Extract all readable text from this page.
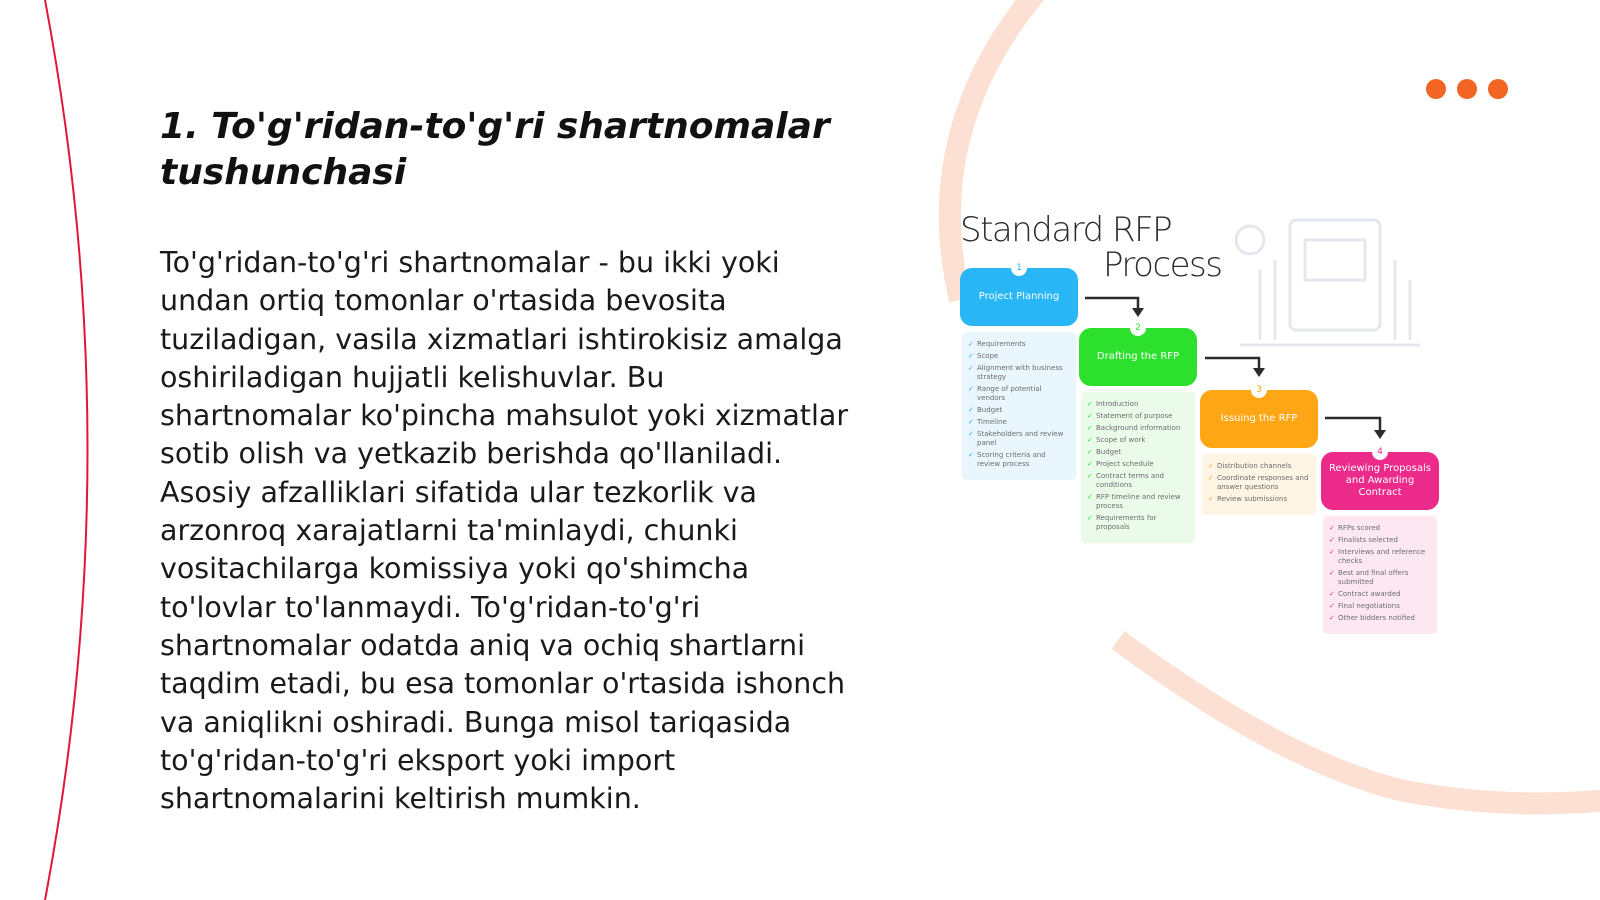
1. To'g'ridan-to'g'ri shartnomalar tushunchasi

To'g'ridan-to'g'ri shartnomalar - bu ikki yoki undan ortiq tomonlar o'rtasida bevosita tuziladigan, vasila xizmatlari ishtirokisiz amalga oshiriladigan hujjatli kelishuvlar. Bu shartnomalar ko'pincha mahsulot yoki xizmatlar sotib olish va yetkazib berishda qo'llaniladi. Asosiy afzalliklari sifatida ular tezkorlik va arzonroq xarajatlarni ta'minlaydi, chunki vositachilarga komissiya yoki qo'shimcha to'lovlar to'lanmaydi. To'g'ridan-to'g'ri shartnomalar odatda aniq va ochiq shartlarni taqdim etadi, bu esa tomonlar o'rtasida ishonch va aniqlikni oshiradi. Bunga misol tariqasida to'g'ridan-to'g'ri eksport yoki import shartnomalarini keltirish mumkin.

Standard RFP
Process
1
Project Planning
✓ Requirements
✓ Scope
✓ Alignment with business strategy
✓ Range of potential vendors
✓ Budget
✓ Timeline
✓ Stakeholders and review panel
✓ Scoring criteria and review process
2
Drafting the RFP
✓ Introduction
✓ Statement of purpose
✓ Background information
✓ Scope of work
✓ Budget
✓ Project schedule
✓ Contract terms and conditions
✓ RFP timeline and review process
✓ Requirements for proposals
3
Issuing the RFP
✓ Distribution channels
✓ Coordinate responses and answer questions
✓ Review submissions
4
Reviewing Proposals and Awarding Contract
✓ RFPs scored
✓ Finalists selected
✓ Interviews and reference checks
✓ Best and final offers submitted
✓ Contract awarded
✓ Final negotiations
✓ Other bidders notified
